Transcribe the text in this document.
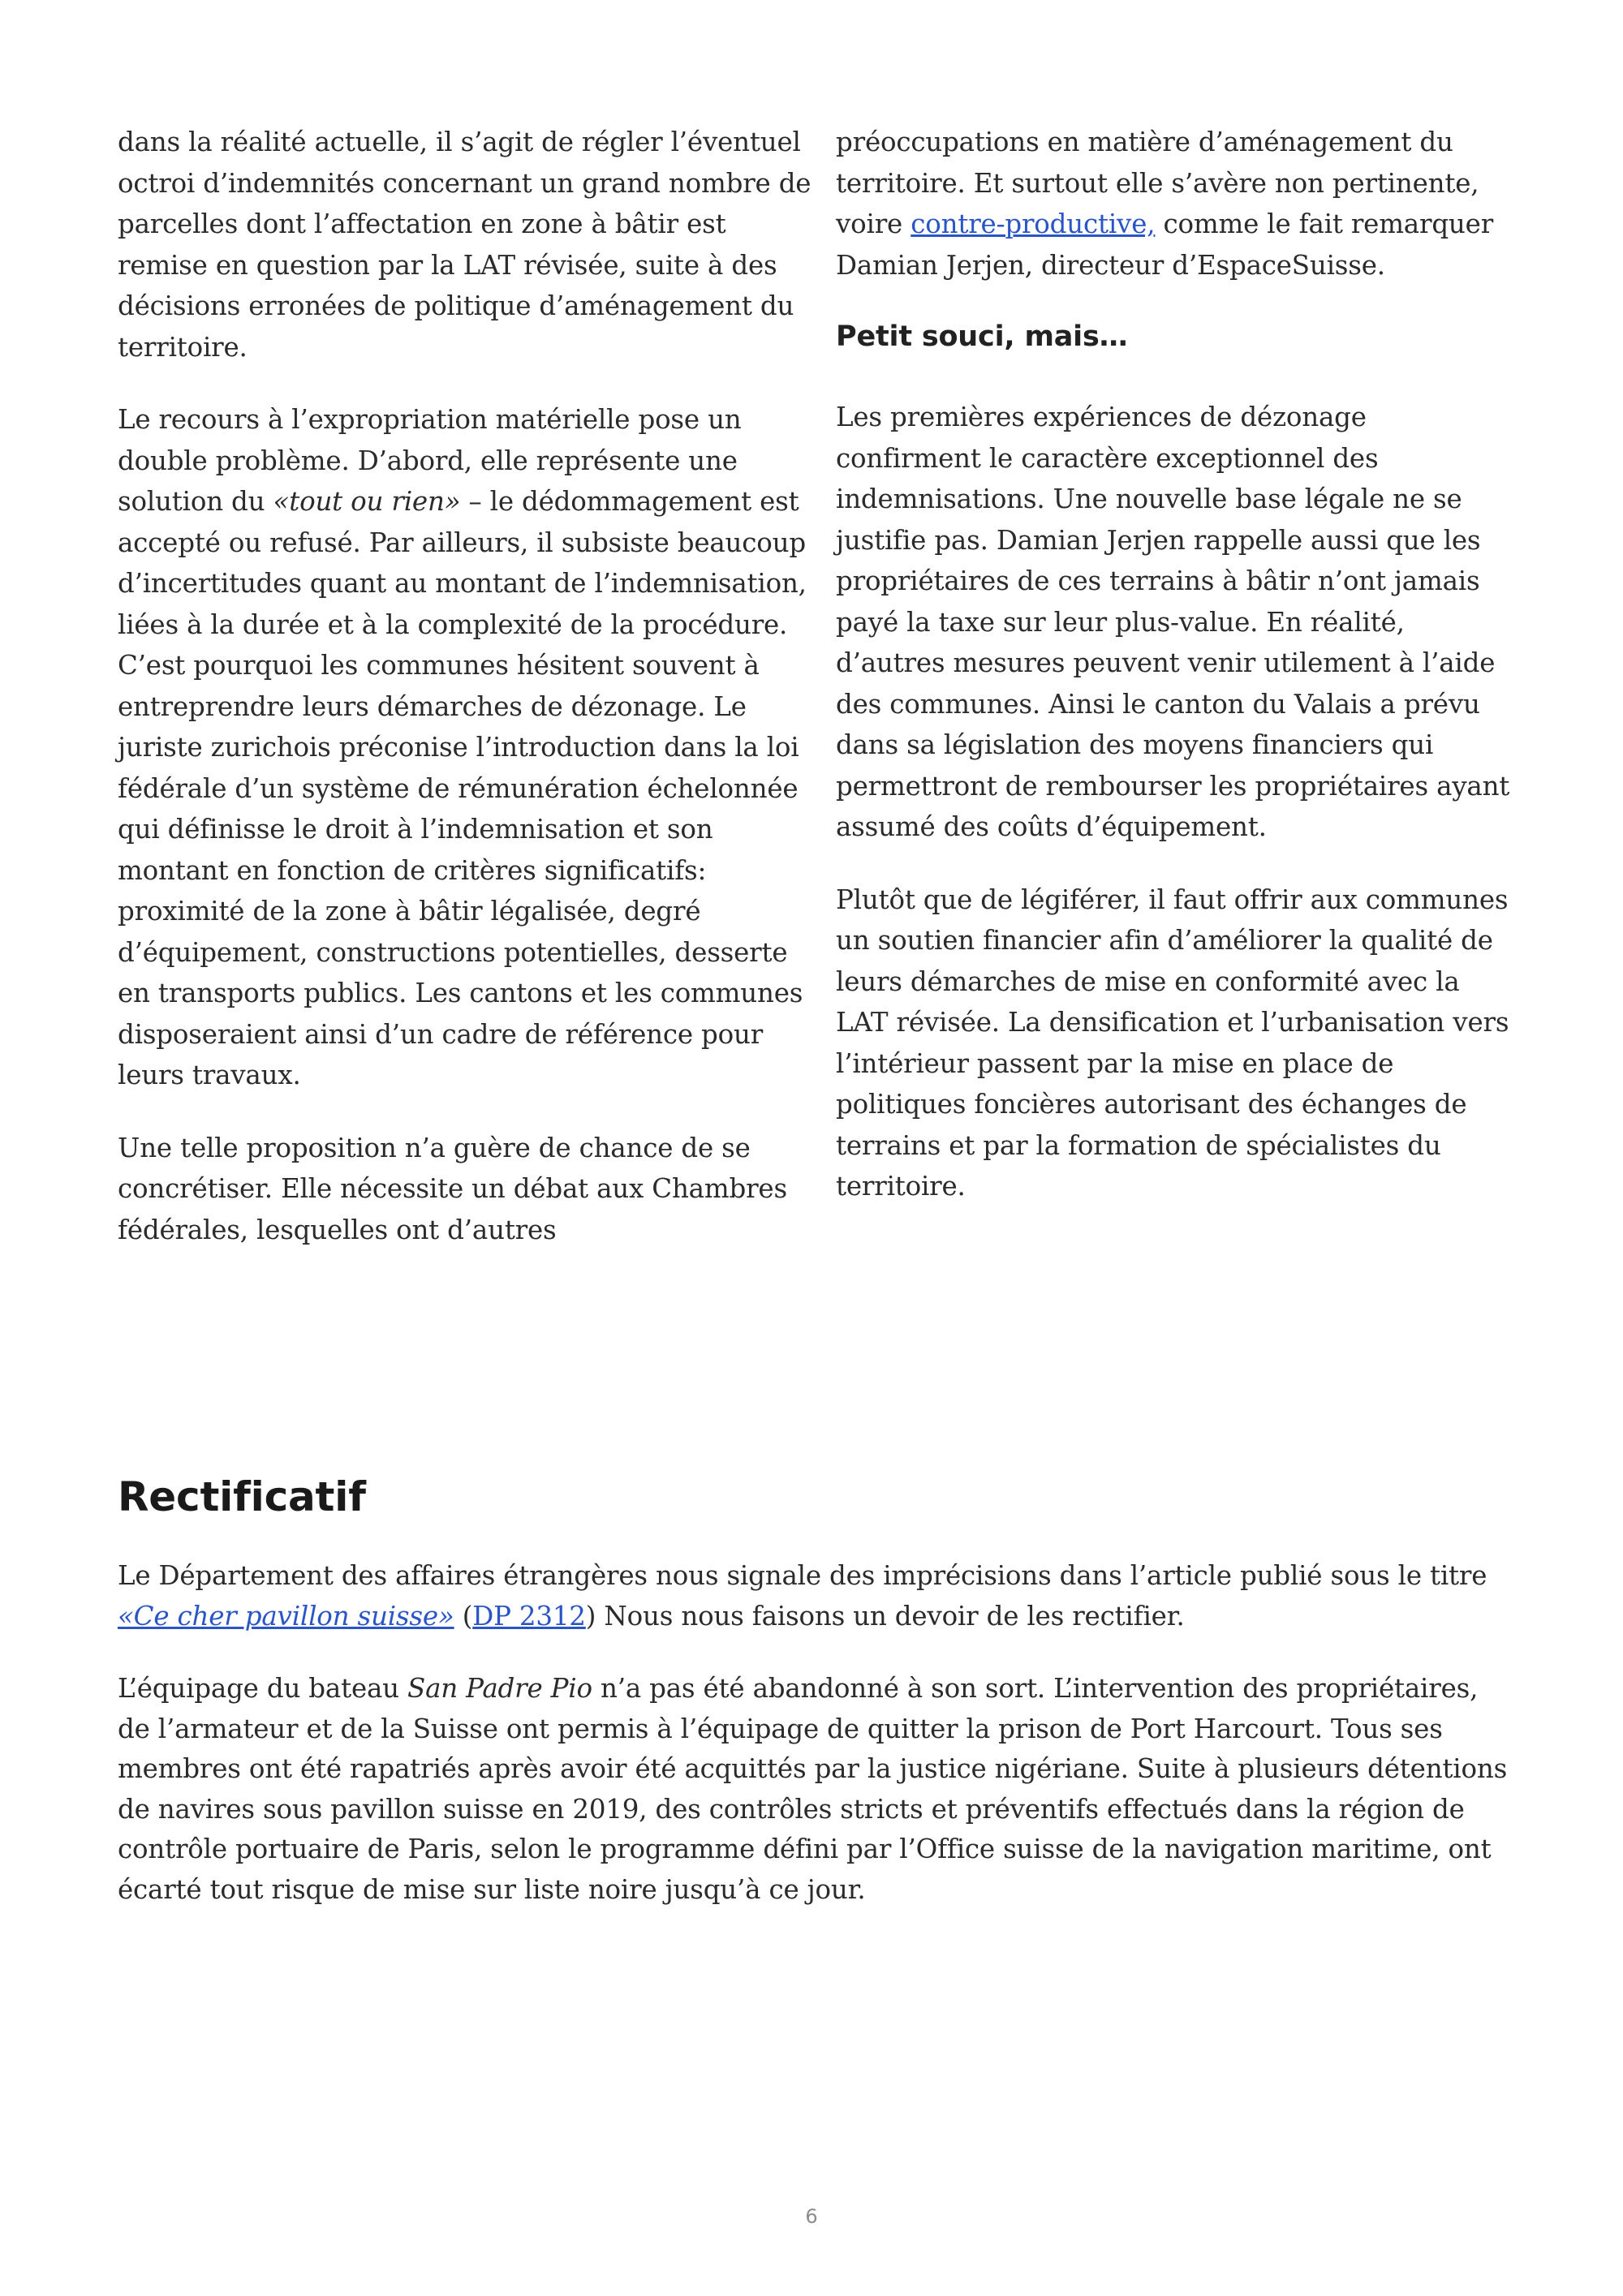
dans la réalité actuelle, il s’agit de régler l’éventuel octroi d’indemnités concernant un grand nombre de parcelles dont l’affectation en zone à bâtir est remise en question par la LAT révisée, suite à des décisions erronées de politique d’aménagement du territoire.

Le recours à l’expropriation matérielle pose un double problème. D’abord, elle représente une solution du «tout ou rien» – le dédommagement est accepté ou refusé. Par ailleurs, il subsiste beaucoup d’incertitudes quant au montant de l’indemnisation, liées à la durée et à la complexité de la procédure. C’est pourquoi les communes hésitent souvent à entreprendre leurs démarches de dézonage. Le juriste zurichois préconise l’introduction dans la loi fédérale d’un système de rémunération échelonnée qui définisse le droit à l’indemnisation et son montant en fonction de critères significatifs: proximité de la zone à bâtir légalisée, degré d’équipement, constructions potentielles, desserte en transports publics. Les cantons et les communes disposeraient ainsi d’un cadre de référence pour leurs travaux.

Une telle proposition n’a guère de chance de se concrétiser. Elle nécessite un débat aux Chambres fédérales, lesquelles ont d’autres

préoccupations en matière d’aménagement du territoire. Et surtout elle s’avère non pertinente, voire contre-productive, comme le fait remarquer Damian Jerjen, directeur d’EspaceSuisse.

Petit souci, mais…

Les premières expériences de dézonage confirment le caractère exceptionnel des indemnisations. Une nouvelle base légale ne se justifie pas. Damian Jerjen rappelle aussi que les propriétaires de ces terrains à bâtir n’ont jamais payé la taxe sur leur plus-value. En réalité, d’autres mesures peuvent venir utilement à l’aide des communes. Ainsi le canton du Valais a prévu dans sa législation des moyens financiers qui permettront de rembourser les propriétaires ayant assumé des coûts d’équipement.

Plutôt que de légiférer, il faut offrir aux communes un soutien financier afin d’améliorer la qualité de leurs démarches de mise en conformité avec la LAT révisée. La densification et l’urbanisation vers l’intérieur passent par la mise en place de politiques foncières autorisant des échanges de terrains et par la formation de spécialistes du territoire.

Rectificatif

Le Département des affaires étrangères nous signale des imprécisions dans l’article publié sous le titre «Ce cher pavillon suisse» (DP 2312) Nous nous faisons un devoir de les rectifier.

L’équipage du bateau San Padre Pio n’a pas été abandonné à son sort. L’intervention des propriétaires, de l’armateur et de la Suisse ont permis à l’équipage de quitter la prison de Port Harcourt. Tous ses membres ont été rapatriés après avoir été acquittés par la justice nigériane. Suite à plusieurs détentions de navires sous pavillon suisse en 2019, des contrôles stricts et préventifs effectués dans la région de contrôle portuaire de Paris, selon le programme défini par l’Office suisse de la navigation maritime, ont écarté tout risque de mise sur liste noire jusqu’à ce jour.

6
